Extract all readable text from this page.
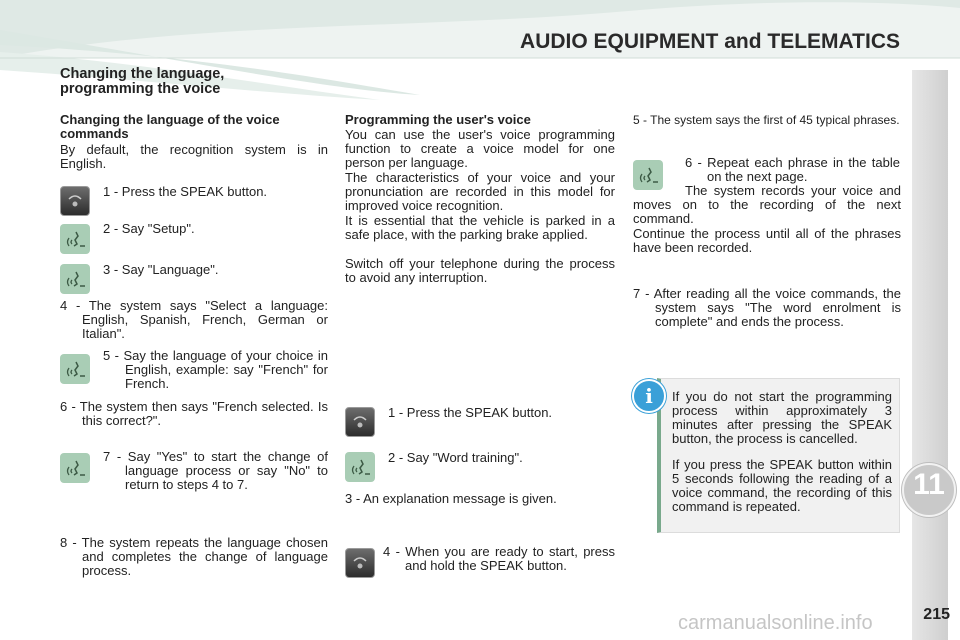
AUDIO EQUIPMENT and TELEMATICS
11
Changing the language,
programming the voice

Changing the language of the voice commands

By default, the recognition system is in English.

1 - Press the SPEAK button.

2 - Say "Setup".

3 - Say "Language".

4 - The system says "Select a language: English, Spanish, French, German or Italian".

5 - Say the language of your choice in English, example: say "French" for French.

6 - The system then says "French selected. Is this correct?".

7 - Say "Yes" to start the change of language process or say "No" to return to steps 4 to 7.

8 - The system repeats the language chosen and completes the change of language process.

Programming the user's voice

You can use the user's voice programming function to create a voice model for one person per language.

The characteristics of your voice and your pronunciation are recorded in this model for improved voice recognition.

It is essential that the vehicle is parked in a safe place, with the parking brake applied.

Switch off your telephone during the process to avoid any interruption.

1 - Press the SPEAK button.

2 - Say "Word training".

3 - An explanation message is given.

4 - When you are ready to start, press and hold the SPEAK button.

5 - The system says the first of 45 typical phrases.

6 - Repeat each phrase in the table on the next page.

The system records your voice and moves on to the recording of the next command.

Continue the process until all of the phrases have been recorded.

7 - After reading all the voice commands, the system says "The word enrolment is complete" and ends the process.

i	If you do not start the programming process within approximately 3 minutes after pressing the SPEAK button, the process is cancelled.

If you press the SPEAK button within 5 seconds following the reading of a voice command, the recording of this command is repeated.

215
carmanualsonline.info
